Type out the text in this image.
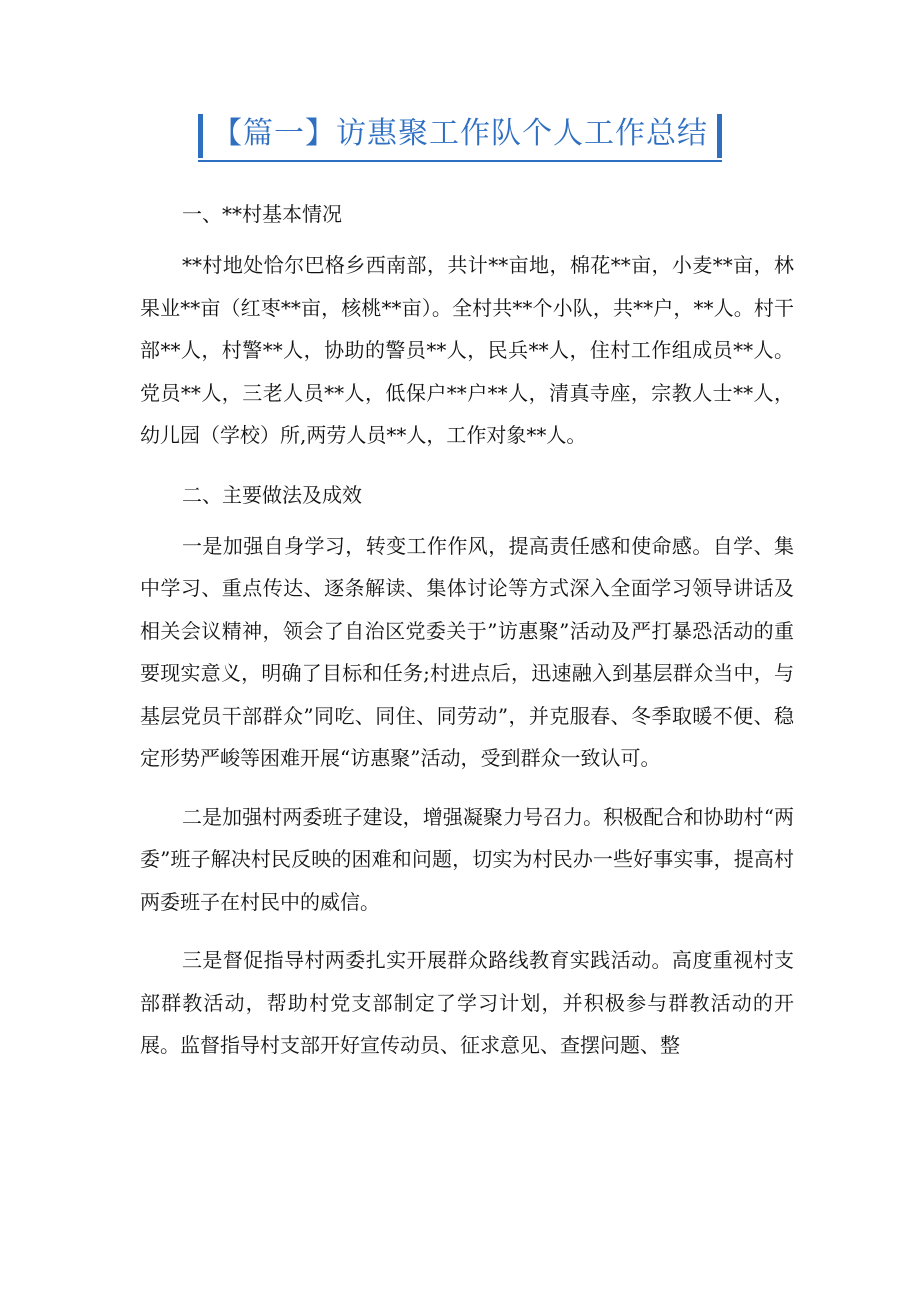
【篇一】访惠聚工作队个人工作总结

一、**村基本情况

**村地处恰尔巴格乡西南部，共计**亩地，棉花**亩，小麦**亩，林果业**亩（红枣**亩，核桃**亩）。全村共**个小队，共**户，**人。村干部**人，村警**人，协助的警员**人，民兵**人，住村工作组成员**人。党员**人，三老人员**人，低保户**户**人，清真寺座，宗教人士**人，幼儿园（学校）所,两劳人员**人，工作对象**人。

二、主要做法及成效

一是加强自身学习，转变工作作风，提高责任感和使命感。自学、集中学习、重点传达、逐条解读、集体讨论等方式深入全面学习领导讲话及相关会议精神，领会了自治区党委关于”访惠聚”活动及严打暴恐活动的重要现实意义，明确了目标和任务;村进点后，迅速融入到基层群众当中，与基层党员干部群众”同吃、同住、同劳动”，并克服春、冬季取暖不便、稳定形势严峻等困难开展“访惠聚”活动，受到群众一致认可。

二是加强村两委班子建设，增强凝聚力号召力。积极配合和协助村“两委”班子解决村民反映的困难和问题，切实为村民办一些好事实事，提高村两委班子在村民中的威信。

三是督促指导村两委扎实开展群众路线教育实践活动。高度重视村支部群教活动，帮助村党支部制定了学习计划，并积极参与群教活动的开展。监督指导村支部开好宣传动员、征求意见、查摆问题、整
